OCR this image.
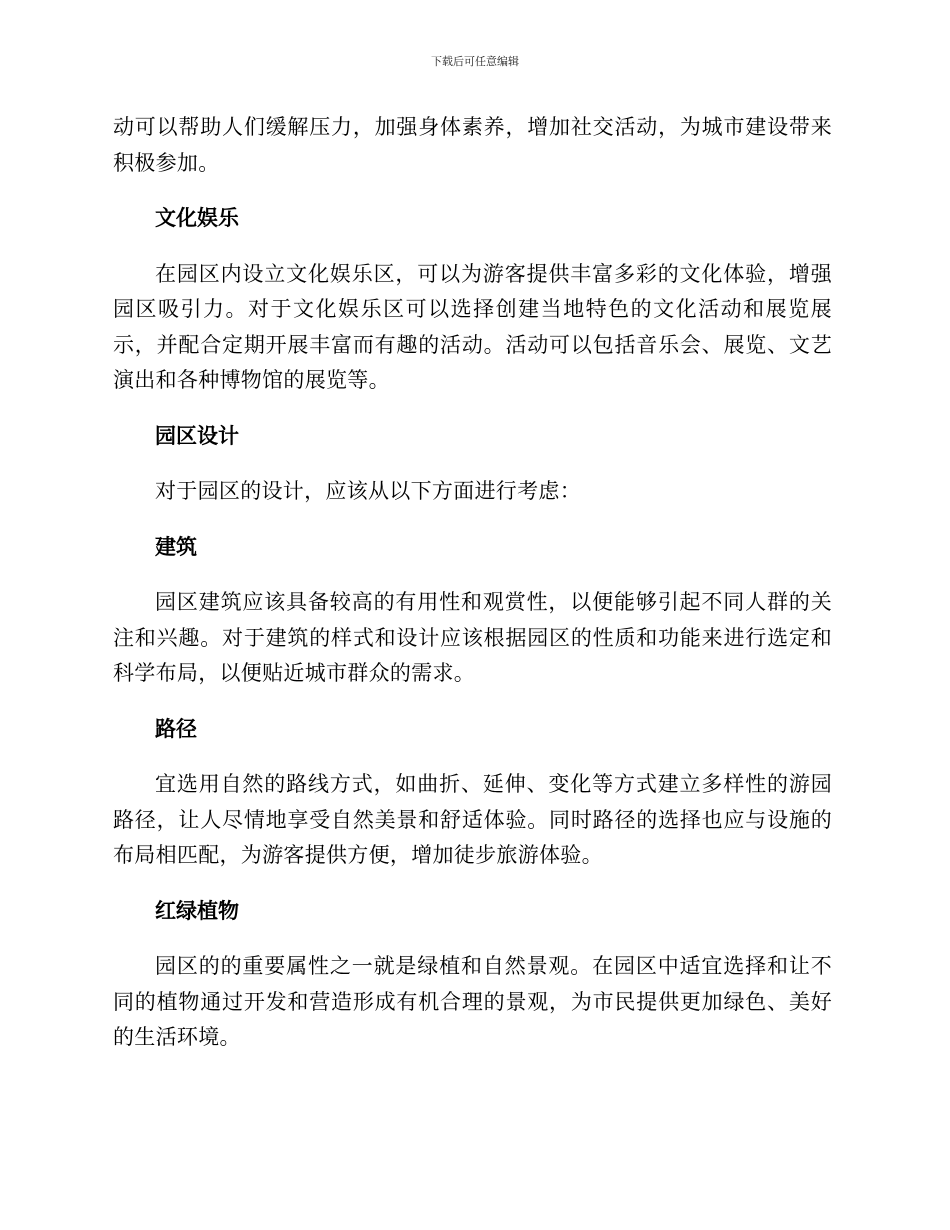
下载后可任意编辑

动可以帮助人们缓解压力，加强身体素养，增加社交活动，为城市建设带来积极参加。

文化娱乐

在园区内设立文化娱乐区，可以为游客提供丰富多彩的文化体验，增强园区吸引力。对于文化娱乐区可以选择创建当地特色的文化活动和展览展示，并配合定期开展丰富而有趣的活动。活动可以包括音乐会、展览、文艺演出和各种博物馆的展览等。

园区设计

对于园区的设计，应该从以下方面进行考虑：

建筑

园区建筑应该具备较高的有用性和观赏性，以便能够引起不同人群的关注和兴趣。对于建筑的样式和设计应该根据园区的性质和功能来进行选定和科学布局，以便贴近城市群众的需求。

路径

宜选用自然的路线方式，如曲折、延伸、变化等方式建立多样性的游园路径，让人尽情地享受自然美景和舒适体验。同时路径的选择也应与设施的布局相匹配，为游客提供方便，增加徒步旅游体验。

红绿植物

园区的的重要属性之一就是绿植和自然景观。在园区中适宜选择和让不同的植物通过开发和营造形成有机合理的景观，为市民提供更加绿色、美好的生活环境。
